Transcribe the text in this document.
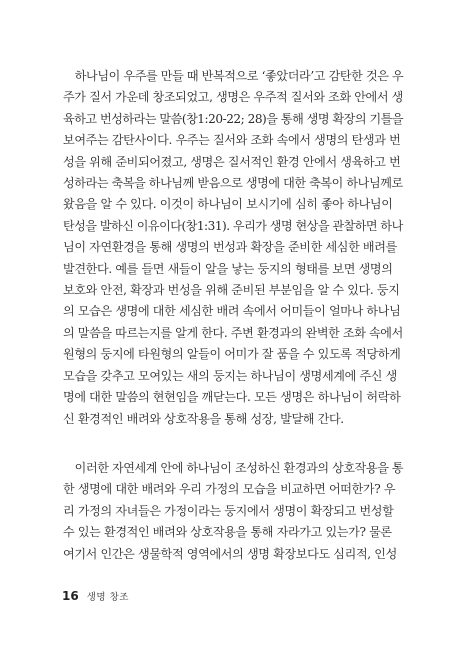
　하나님이 우주를 만들 때 반복적으로 ‘좋았더라’고 감탄한 것은 우
주가 질서 가운데 창조되었고, 생명은 우주적 질서와 조화 안에서 생
육하고 번성하라는 말씀(창1:20-22; 28)을 통해 생명 확장의 기틀을
보여주는 감탄사이다. 우주는 질서와 조화 속에서 생명의 탄생과 번
성을 위해 준비되어졌고, 생명은 질서적인 환경 안에서 생육하고 번
성하라는 축복을 하나님께 받음으로 생명에 대한 축복이 하나님께로
왔음을 알 수 있다. 이것이 하나님이 보시기에 심히 좋아 하나님이
탄성을 발하신 이유이다(창1:31). 우리가 생명 현상을 관찰하면 하나
님이 자연환경을 통해 생명의 번성과 확장을 준비한 세심한 배려를
발견한다. 예를 들면 새들이 알을 낳는 둥지의 형태를 보면 생명의
보호와 안전, 확장과 번성을 위해 준비된 부분임을 알 수 있다. 둥지
의 모습은 생명에 대한 세심한 배려 속에서 어미들이 얼마나 하나님
의 말씀을 따르는지를 알게 한다. 주변 환경과의 완벽한 조화 속에서
원형의 둥지에 타원형의 알들이 어미가 잘 품을 수 있도록 적당하게
모습을 갖추고 모여있는 새의 둥지는 하나님이 생명세계에 주신 생
명에 대한 말씀의 현현임을 깨닫는다. 모든 생명은 하나님이 허락하
신 환경적인 배려와 상호작용을 통해 성장, 발달해 간다.
　이러한 자연세계 안에 하나님이 조성하신 환경과의 상호작용을 통
한 생명에 대한 배려와 우리 가정의 모습을 비교하면 어떠한가? 우
리 가정의 자녀들은 가정이라는 둥지에서 생명이 확장되고 번성할
수 있는 환경적인 배려와 상호작용을 통해 자라가고 있는가? 물론
여기서 인간은 생물학적 영역에서의 생명 확장보다도 심리적, 인성
16 생명 창조
